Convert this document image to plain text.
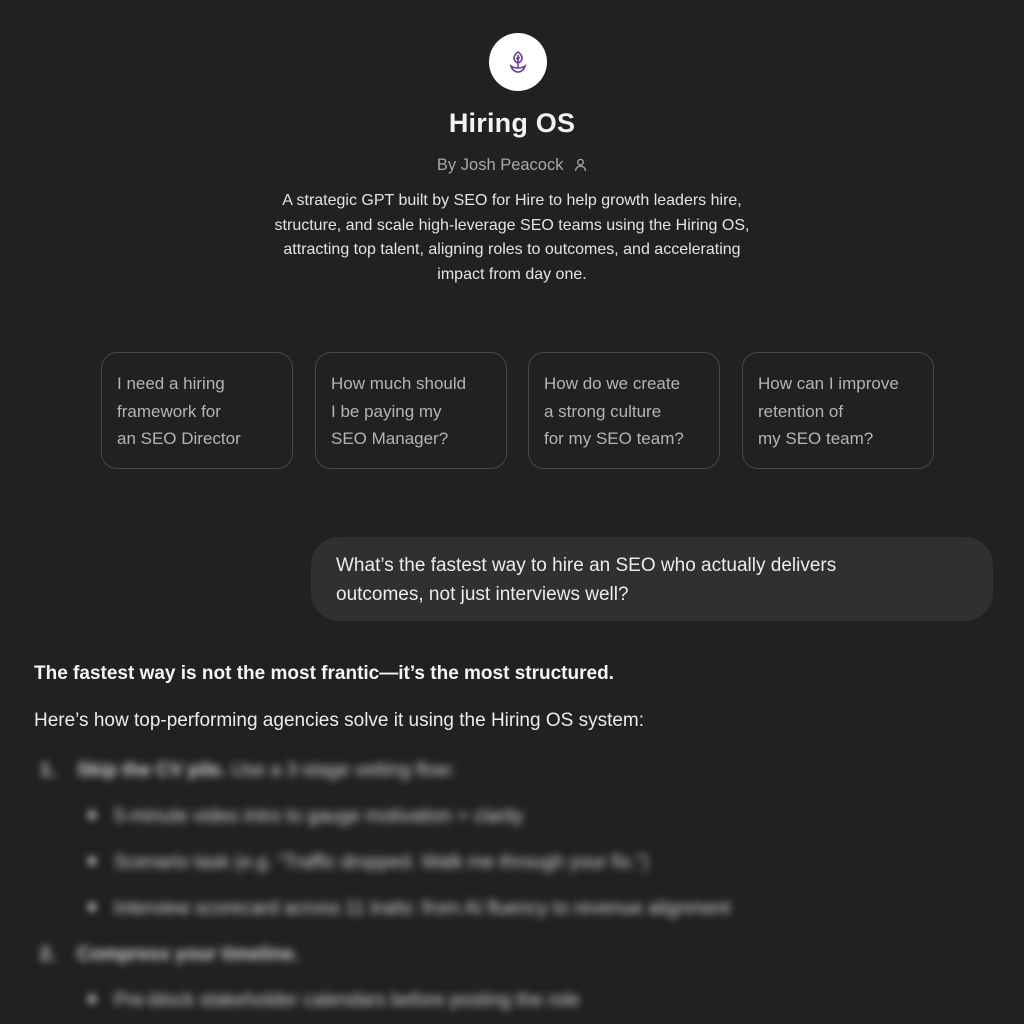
Hiring OS
By Josh Peacock
A strategic GPT built by SEO for Hire to help growth leaders hire,
structure, and scale high-leverage SEO teams using the Hiring OS,
attracting top talent, aligning roles to outcomes, and accelerating
impact from day one.
I need a hiring
framework for
an SEO Director
How much should
I be paying my
SEO Manager?
How do we create
a strong culture
for my SEO team?
How can I improve
retention of
my SEO team?
What’s the fastest way to hire an SEO who actually delivers
outcomes, not just interviews well?
The fastest way is not the most frantic—it’s the most structured.
Here’s how top-performing agencies solve it using the Hiring OS system:
1. Skip the CV pile. Use a 3-stage vetting flow:
5-minute video intro to gauge motivation + clarity
Scenario task (e.g. “Traffic dropped. Walk me through your fix.”)
Interview scorecard across 11 traits: from AI fluency to revenue alignment
2. Compress your timeline.
Pre-block stakeholder calendars before posting the role
